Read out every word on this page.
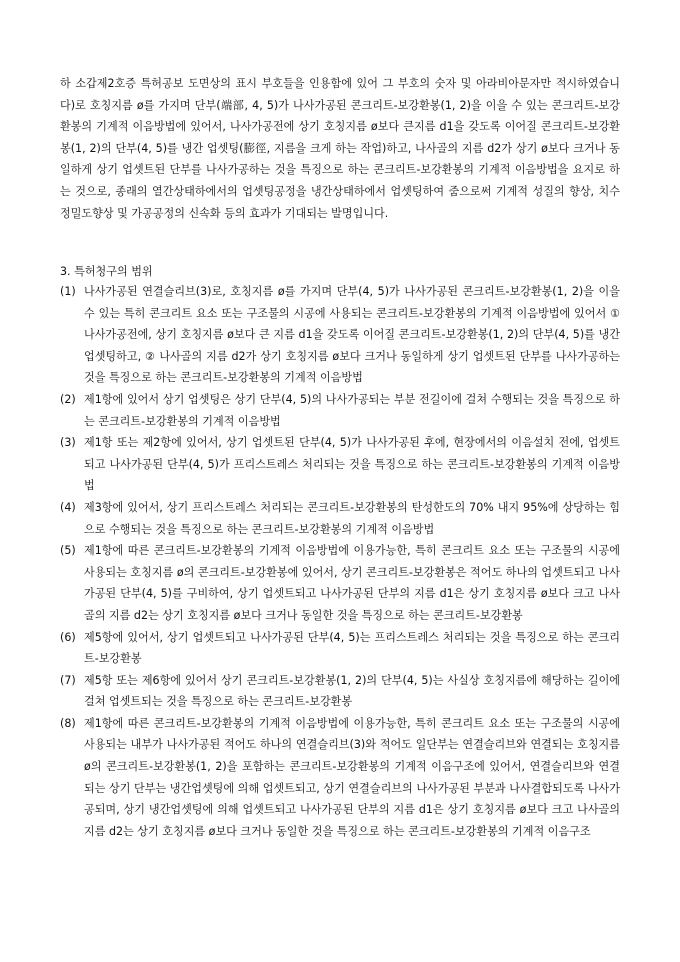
하 소갑제2호증 특허공보 도면상의 표시 부호들을 인용함에 있어 그 부호의 숫자 및 아라비아문자만 적시하였습니다)로 호칭지름 ø를 가지며 단부(端部, 4, 5)가 나사가공된 콘크리트-보강환봉(1, 2)을 이을 수 있는 콘크리트-보강환봉의 기계적 이음방법에 있어서, 나사가공전에 상기 호칭지름 ø보다 큰지름 d1을 갖도록 이어질 콘크리트-보강환봉(1, 2)의 단부(4, 5)를 냉간 업셋팅(膨徑, 지름을 크게 하는 작업)하고, 나사골의 지름 d2가 상기 ø보다 크거나 동일하게 상기 업셋트된 단부를 나사가공하는 것을 특징으로 하는 콘크리트-보강환봉의 기계적 이음방법을 요지로 하는 것으로, 종래의 열간상태하에서의 업셋팅공정을 냉간상태하에서 업셋팅하여 줌으로써 기계적 성질의 향상, 치수정밀도향상 및 가공공정의 신속화 등의 효과가 기대되는 발명입니다.

3. 특허청구의 범위

(1) 나사가공된 연결슬리브(3)로, 호칭지름 ø를 가지며 단부(4, 5)가 나사가공된 콘크리트-보강환봉(1, 2)을 이을 수 있는 특히 콘크리트 요소 또는 구조물의 시공에 사용되는 콘크리트-보강환봉의 기계적 이음방법에 있어서 ① 나사가공전에, 상기 호칭지름 ø보다 큰 지름 d1을 갖도록 이어질 콘크리트-보강환봉(1, 2)의 단부(4, 5)를 냉간 업셋팅하고, ② 나사골의 지름 d2가 상기 호칭지름 ø보다 크거나 동일하게 상기 업셋트된 단부를 나사가공하는 것을 특징으로 하는 콘크리트-보강환봉의 기계적 이음방법
(2) 제1항에 있어서 상기 업셋팅은 상기 단부(4, 5)의 나사가공되는 부분 전길이에 걸쳐 수행되는 것을 특징으로 하는 콘크리트-보강환봉의 기계적 이음방법
(3) 제1항 또는 제2항에 있어서, 상기 업셋트된 단부(4, 5)가 나사가공된 후에, 현장에서의 이음설치 전에, 업셋트되고 나사가공된 단부(4, 5)가 프리스트레스 처리되는 것을 특징으로 하는 콘크리트-보강환봉의 기계적 이음방법
(4) 제3항에 있어서, 상기 프리스트레스 처리되는 콘크리트-보강환봉의 탄성한도의 70% 내지 95%에 상당하는 힘으로 수행되는 것을 특징으로 하는 콘크리트-보강환봉의 기계적 이음방법
(5) 제1항에 따른 콘크리트-보강환봉의 기계적 이음방법에 이용가능한, 특히 콘크리트 요소 또는 구조물의 시공에 사용되는 호칭지름 ø의 콘크리트-보강환봉에 있어서, 상기 콘크리트-보강환봉은 적어도 하나의 업셋트되고 나사가공된 단부(4, 5)를 구비하여, 상기 업셋트되고 나사가공된 단부의 지름 d1은 상기 호칭지름 ø보다 크고 나사골의 지름 d2는 상기 호칭지름 ø보다 크거나 동일한 것을 특징으로 하는 콘크리트-보강환봉
(6) 제5항에 있어서, 상기 업셋트되고 나사가공된 단부(4, 5)는 프리스트레스 처리되는 것을 특징으로 하는 콘크리트-보강환봉
(7) 제5항 또는 제6항에 있어서 상기 콘크리트-보강환봉(1, 2)의 단부(4, 5)는 사실상 호칭지름에 해당하는 길이에 걸쳐 업셋트되는 것을 특징으로 하는 콘크리트-보강환봉
(8) 제1항에 따른 콘크리트-보강환봉의 기계적 이음방법에 이용가능한, 특히 콘크리트 요소 또는 구조물의 시공에 사용되는 내부가 나사가공된 적어도 하나의 연결슬리브(3)와 적어도 일단부는 연결슬리브와 연결되는 호칭지름 ø의 콘크리트-보강환봉(1, 2)을 포함하는 콘크리트-보강환봉의 기계적 이음구조에 있어서, 연결슬리브와 연결되는 상기 단부는 냉간업셋팅에 의해 업셋트되고, 상기 연결슬리브의 나사가공된 부분과 나사결합되도록 나사가공되며, 상기 냉간업셋팅에 의해 업셋트되고 나사가공된 단부의 지름 d1은 상기 호칭지름 ø보다 크고 나사골의 지름 d2는 상기 호칭지름 ø보다 크거나 동일한 것을 특징으로 하는 콘크리트-보강환봉의 기계적 이음구조
